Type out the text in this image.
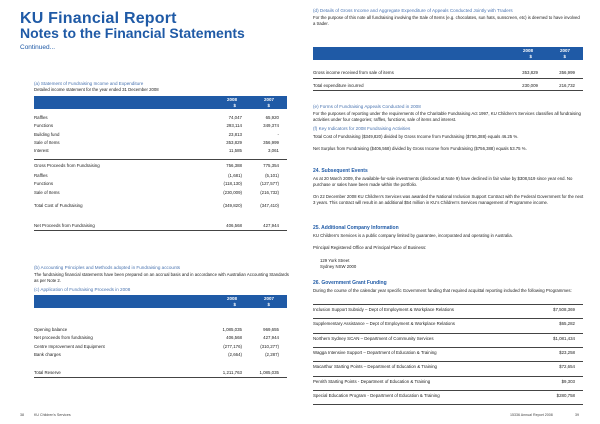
KU Financial Report
Notes to the Financial Statements
Continued...
(a) Statement of Fundraising Income and Expenditure
Detailed income statement for the year ended 31 December 2008
2008	2007
$	$
Raffles	74,047	65,920
Functions	293,114	349,374
Building fund	23,813	-
Sale of Items	353,829	356,999
Interest	11,585	3,061
Gross Proceeds from Fundraising	756,388	775,354
Raffles	(1,681)	(5,101)
Functions	(118,130)	(127,577)
Sale of Items	(230,009)	(216,732)
Total Cost of Fundraising	(349,820)	(347,410)
Net Proceeds from Fundraising	406,568	427,944
(b) Accounting Principles and Methods adopted in Fundraising accounts
The fundraising financial statements have been prepared on an accrual basis and in accordance with Australian Accounting Standards as per Note 2.
(c) Application of Fundraising Proceeds in 2008
2008	2007
$	$
Opening balance	1,085,035	969,655
Net proceeds from fundraising	406,568	427,944
Centre Improvement and Equipment	(277,176)	(310,277)
Bank charges	(2,664)	(2,287)
Total Reserve	1,211,763	1,085,035
38	KU Children's Services
(d) Details of Gross Income and Aggregate Expenditure of Appeals Conducted Jointly with Traders
For the purpose of this note all fundraising involving the Sale of Items (e.g. chocolates, sun hats, sunscreen, etc) is deemed to have involved a trader.
2008	2007
$	$
Gross income received from sale of items	353,829	356,999
Total expenditure incurred	230,009	216,732
(e) Forms of Fundraising Appeals Conducted in 2008
For the purposes of reporting under the requirements of the Charitable Fundraising Act 1997, KU Children's Services classifies all fundraising activities under four categories; raffles, functions, sale of items and interest.
(f) Key Indicators for 2008 Fundraising Activities
Total Cost of Fundraising ($349,820) divided by Gross Income from Fundraising ($756,388) equals 46.25 %.
Net Surplus from Fundraising ($406,568) divided by Gross Income from Fundraising ($756,388) equals 53.75 %.
24. Subsequent Events
As at 20 March 2009, the available-for-sale investments (disclosed at Note 9) have declined in fair value by $308,519 since year end. No purchase or sales have been made within the portfolio.
On 22 December 2008 KU Children's Services was awarded the National Inclusion Support Contract with the Federal Government for the next 3 years. This contract will result in an additional $54 million in KU's Children's Services management of Programme income.
25. Additional Company Information
KU Children's Services is a public company limited by guarantee, incorporated and operating in Australia.
Principal Registered Office and Principal Place of Business:
129 York Street
Sydney NSW 2000
26. Government Grant Funding
During the course of the calendar year specific Government funding that required acquittal reporting included the following Programmes:
Inclusion Support Subsidy – Dept of Employment & Workplace Relations	$7,508,369
Supplementary Assistance – Dept of Employment & Workplace Relations	$65,282
Northern Sydney SCAN – Department of Community Services	$1,081,434
Wagga Intensive Support – Department of Education & Training	$23,258
Macarthur Starting Points – Department of Education & Training	$72,654
Penrith Starting Points - Department of Education & Training	$9,303
Special Education Program - Department of Education & Training	$280,758
15336 Annual Report 2008	39
